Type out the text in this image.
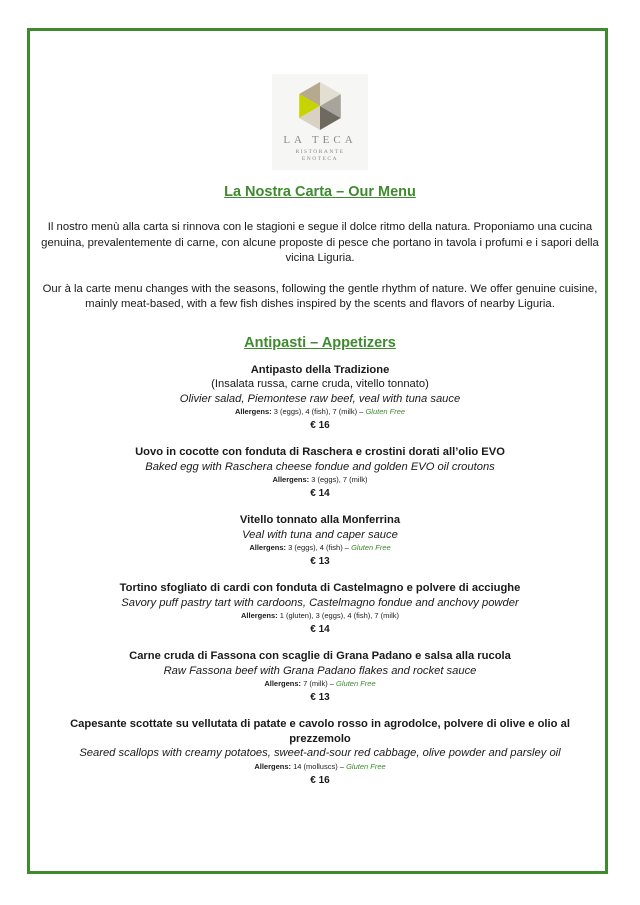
LA TECA
RISTORANTE
ENOTECA
La Nostra Carta – Our Menu

Il nostro menù alla carta si rinnova con le stagioni e segue il dolce ritmo della natura. Proponiamo una cucina genuina, prevalentemente di carne, con alcune proposte di pesce che portano in tavola i profumi e i sapori della vicina Liguria.

Our à la carte menu changes with the seasons, following the gentle rhythm of nature. We offer genuine cuisine, mainly meat-based, with a few fish dishes inspired by the scents and flavors of nearby Liguria.

Antipasti – Appetizers
Antipasto della Tradizione
(Insalata russa, carne cruda, vitello tonnato)
Olivier salad, Piemontese raw beef, veal with tuna sauce
Allergens: 3 (eggs), 4 (fish), 7 (milk) – Gluten Free
€ 16
Uovo in cocotte con fonduta di Raschera e crostini dorati all’olio EVO
Baked egg with Raschera cheese fondue and golden EVO oil croutons
Allergens: 3 (eggs), 7 (milk)
€ 14
Vitello tonnato alla Monferrina
Veal with tuna and caper sauce
Allergens: 3 (eggs), 4 (fish) – Gluten Free
€ 13
Tortino sfogliato di cardi con fonduta di Castelmagno e polvere di acciughe
Savory puff pastry tart with cardoons, Castelmagno fondue and anchovy powder
Allergens: 1 (gluten), 3 (eggs), 4 (fish), 7 (milk)
€ 14
Carne cruda di Fassona con scaglie di Grana Padano e salsa alla rucola
Raw Fassona beef with Grana Padano flakes and rocket sauce
Allergens: 7 (milk) – Gluten Free
€ 13
Capesante scottate su vellutata di patate e cavolo rosso in agrodolce, polvere di olive e olio al prezzemolo
Seared scallops with creamy potatoes, sweet-and-sour red cabbage, olive powder and parsley oil
Allergens: 14 (molluscs) – Gluten Free
€ 16
